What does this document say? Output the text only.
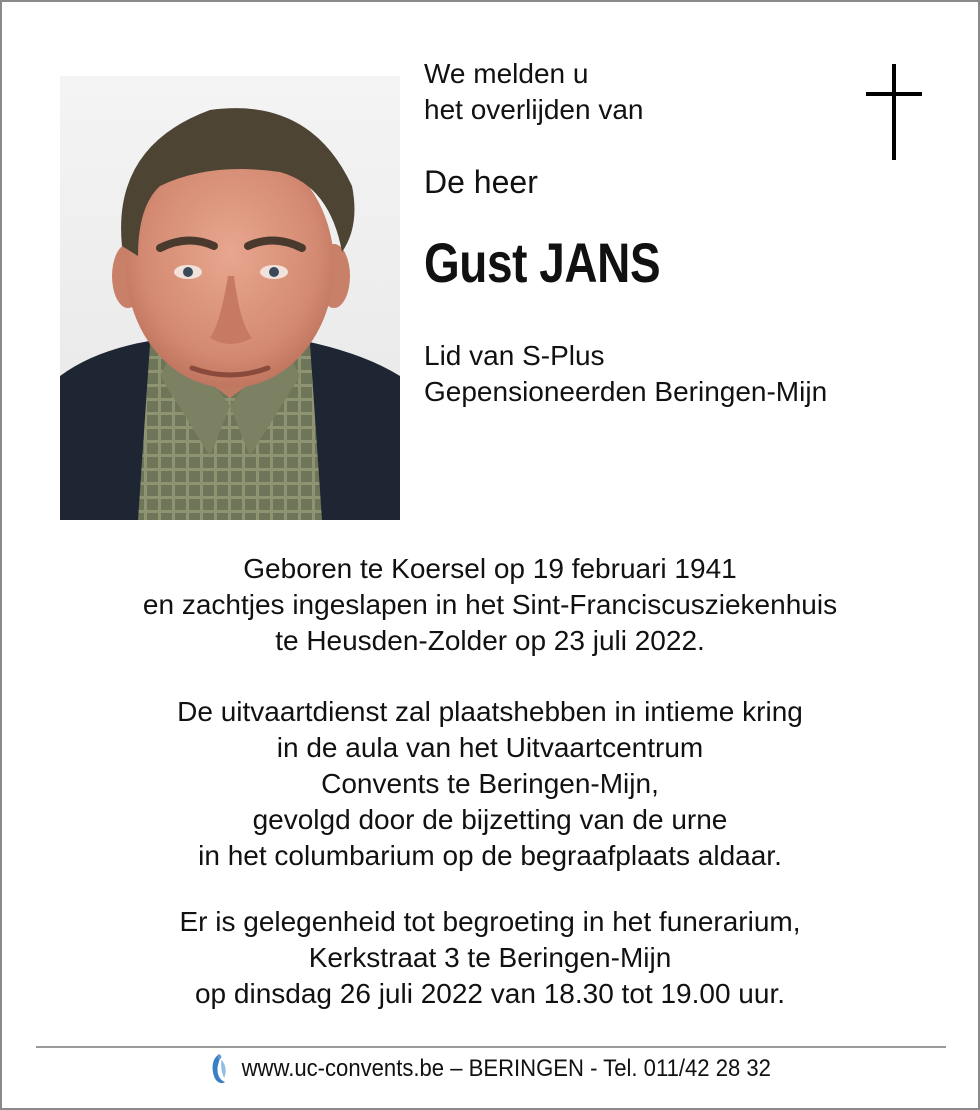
We melden u
het overlijden van
De heer
Gust JANS
Lid van S-Plus
Gepensioneerden Beringen-Mijn
Geboren te Koersel op 19 februari 1941
en zachtjes ingeslapen in het Sint-Franciscusziekenhuis
te Heusden-Zolder op 23 juli 2022.
De uitvaartdienst zal plaatshebben in intieme kring
in de aula van het Uitvaartcentrum
Convents te Beringen-Mijn,
gevolgd door de bijzetting van de urne
in het columbarium op de begraafplaats aldaar.
Er is gelegenheid tot begroeting in het funerarium,
Kerkstraat 3 te Beringen-Mijn
op dinsdag 26 juli 2022 van 18.30 tot 19.00 uur.
www.uc-convents.be – BERINGEN - Tel. 011/42 28 32
